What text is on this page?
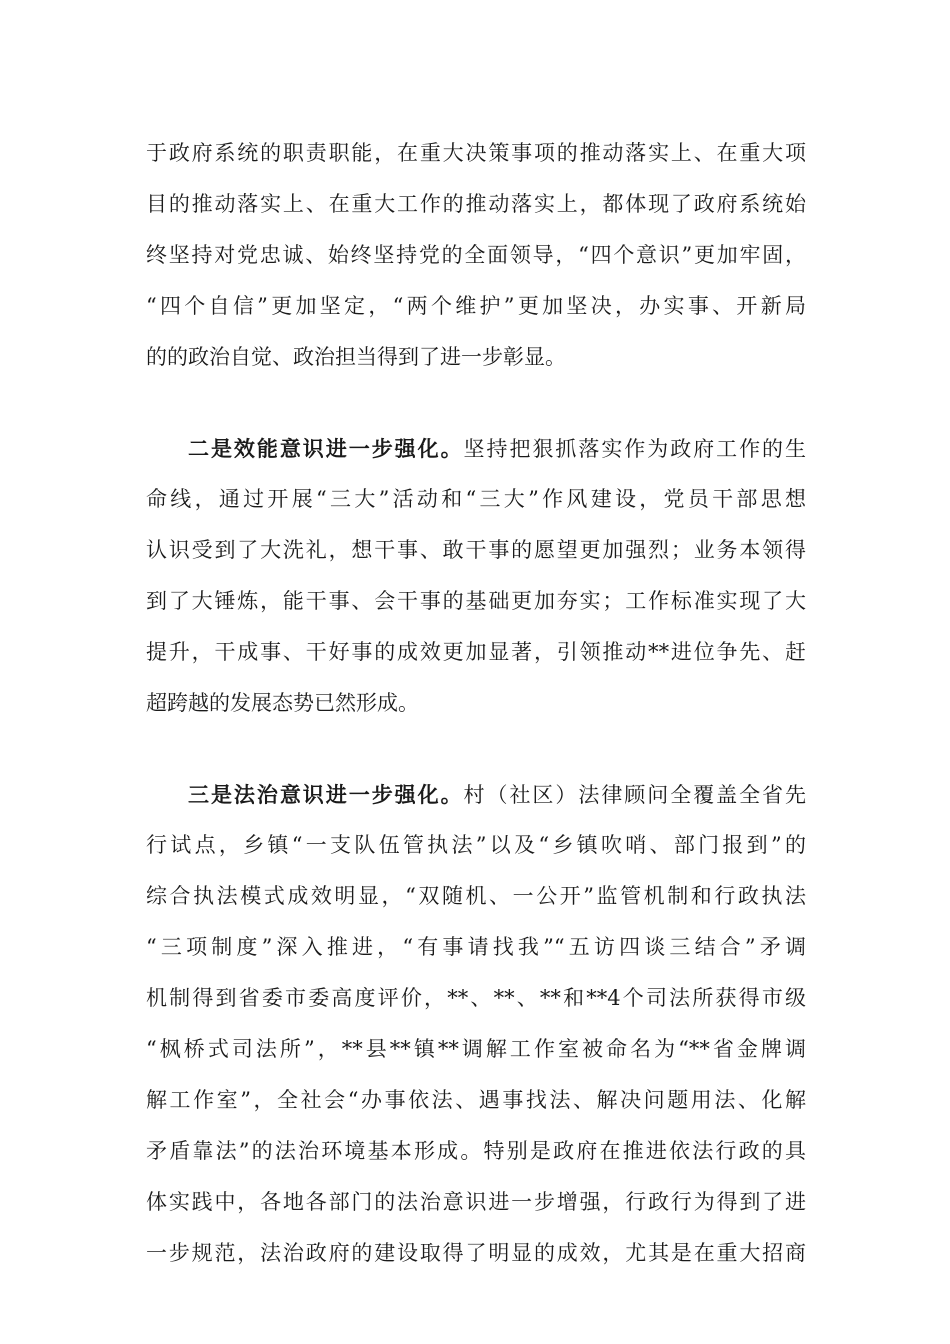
于政府系统的职责职能，在重大决策事项的推动落实上、在重大项
目的推动落实上、在重大工作的推动落实上，都体现了政府系统始
终坚持对党忠诚、始终坚持党的全面领导，“四个意识”更加牢固，
“四个自信”更加坚定，“两个维护”更加坚决，办实事、开新局
的的政治自觉、政治担当得到了进一步彰显。
二是效能意识进一步强化。坚持把狠抓落实作为政府工作的生
命线，通过开展“三大”活动和“三大”作风建设，党员干部思想
认识受到了大洗礼，想干事、敢干事的愿望更加强烈；业务本领得
到了大锤炼，能干事、会干事的基础更加夯实；工作标准实现了大
提升，干成事、干好事的成效更加显著，引领推动**进位争先、赶
超跨越的发展态势已然形成。
三是法治意识进一步强化。村（社区）法律顾问全覆盖全省先
行试点，乡镇“一支队伍管执法”以及“乡镇吹哨、部门报到”的
综合执法模式成效明显，“双随机、一公开”监管机制和行政执法
“三项制度”深入推进，“有事请找我”“五访四谈三结合”矛调
机制得到省委市委高度评价，**、**、**和**4个司法所获得市级
“枫桥式司法所”，**县**镇**调解工作室被命名为“**省金牌调
解工作室”，全社会“办事依法、遇事找法、解决问题用法、化解
矛盾靠法”的法治环境基本形成。特别是政府在推进依法行政的具
体实践中，各地各部门的法治意识进一步增强，行政行为得到了进
一步规范，法治政府的建设取得了明显的成效，尤其是在重大招商
